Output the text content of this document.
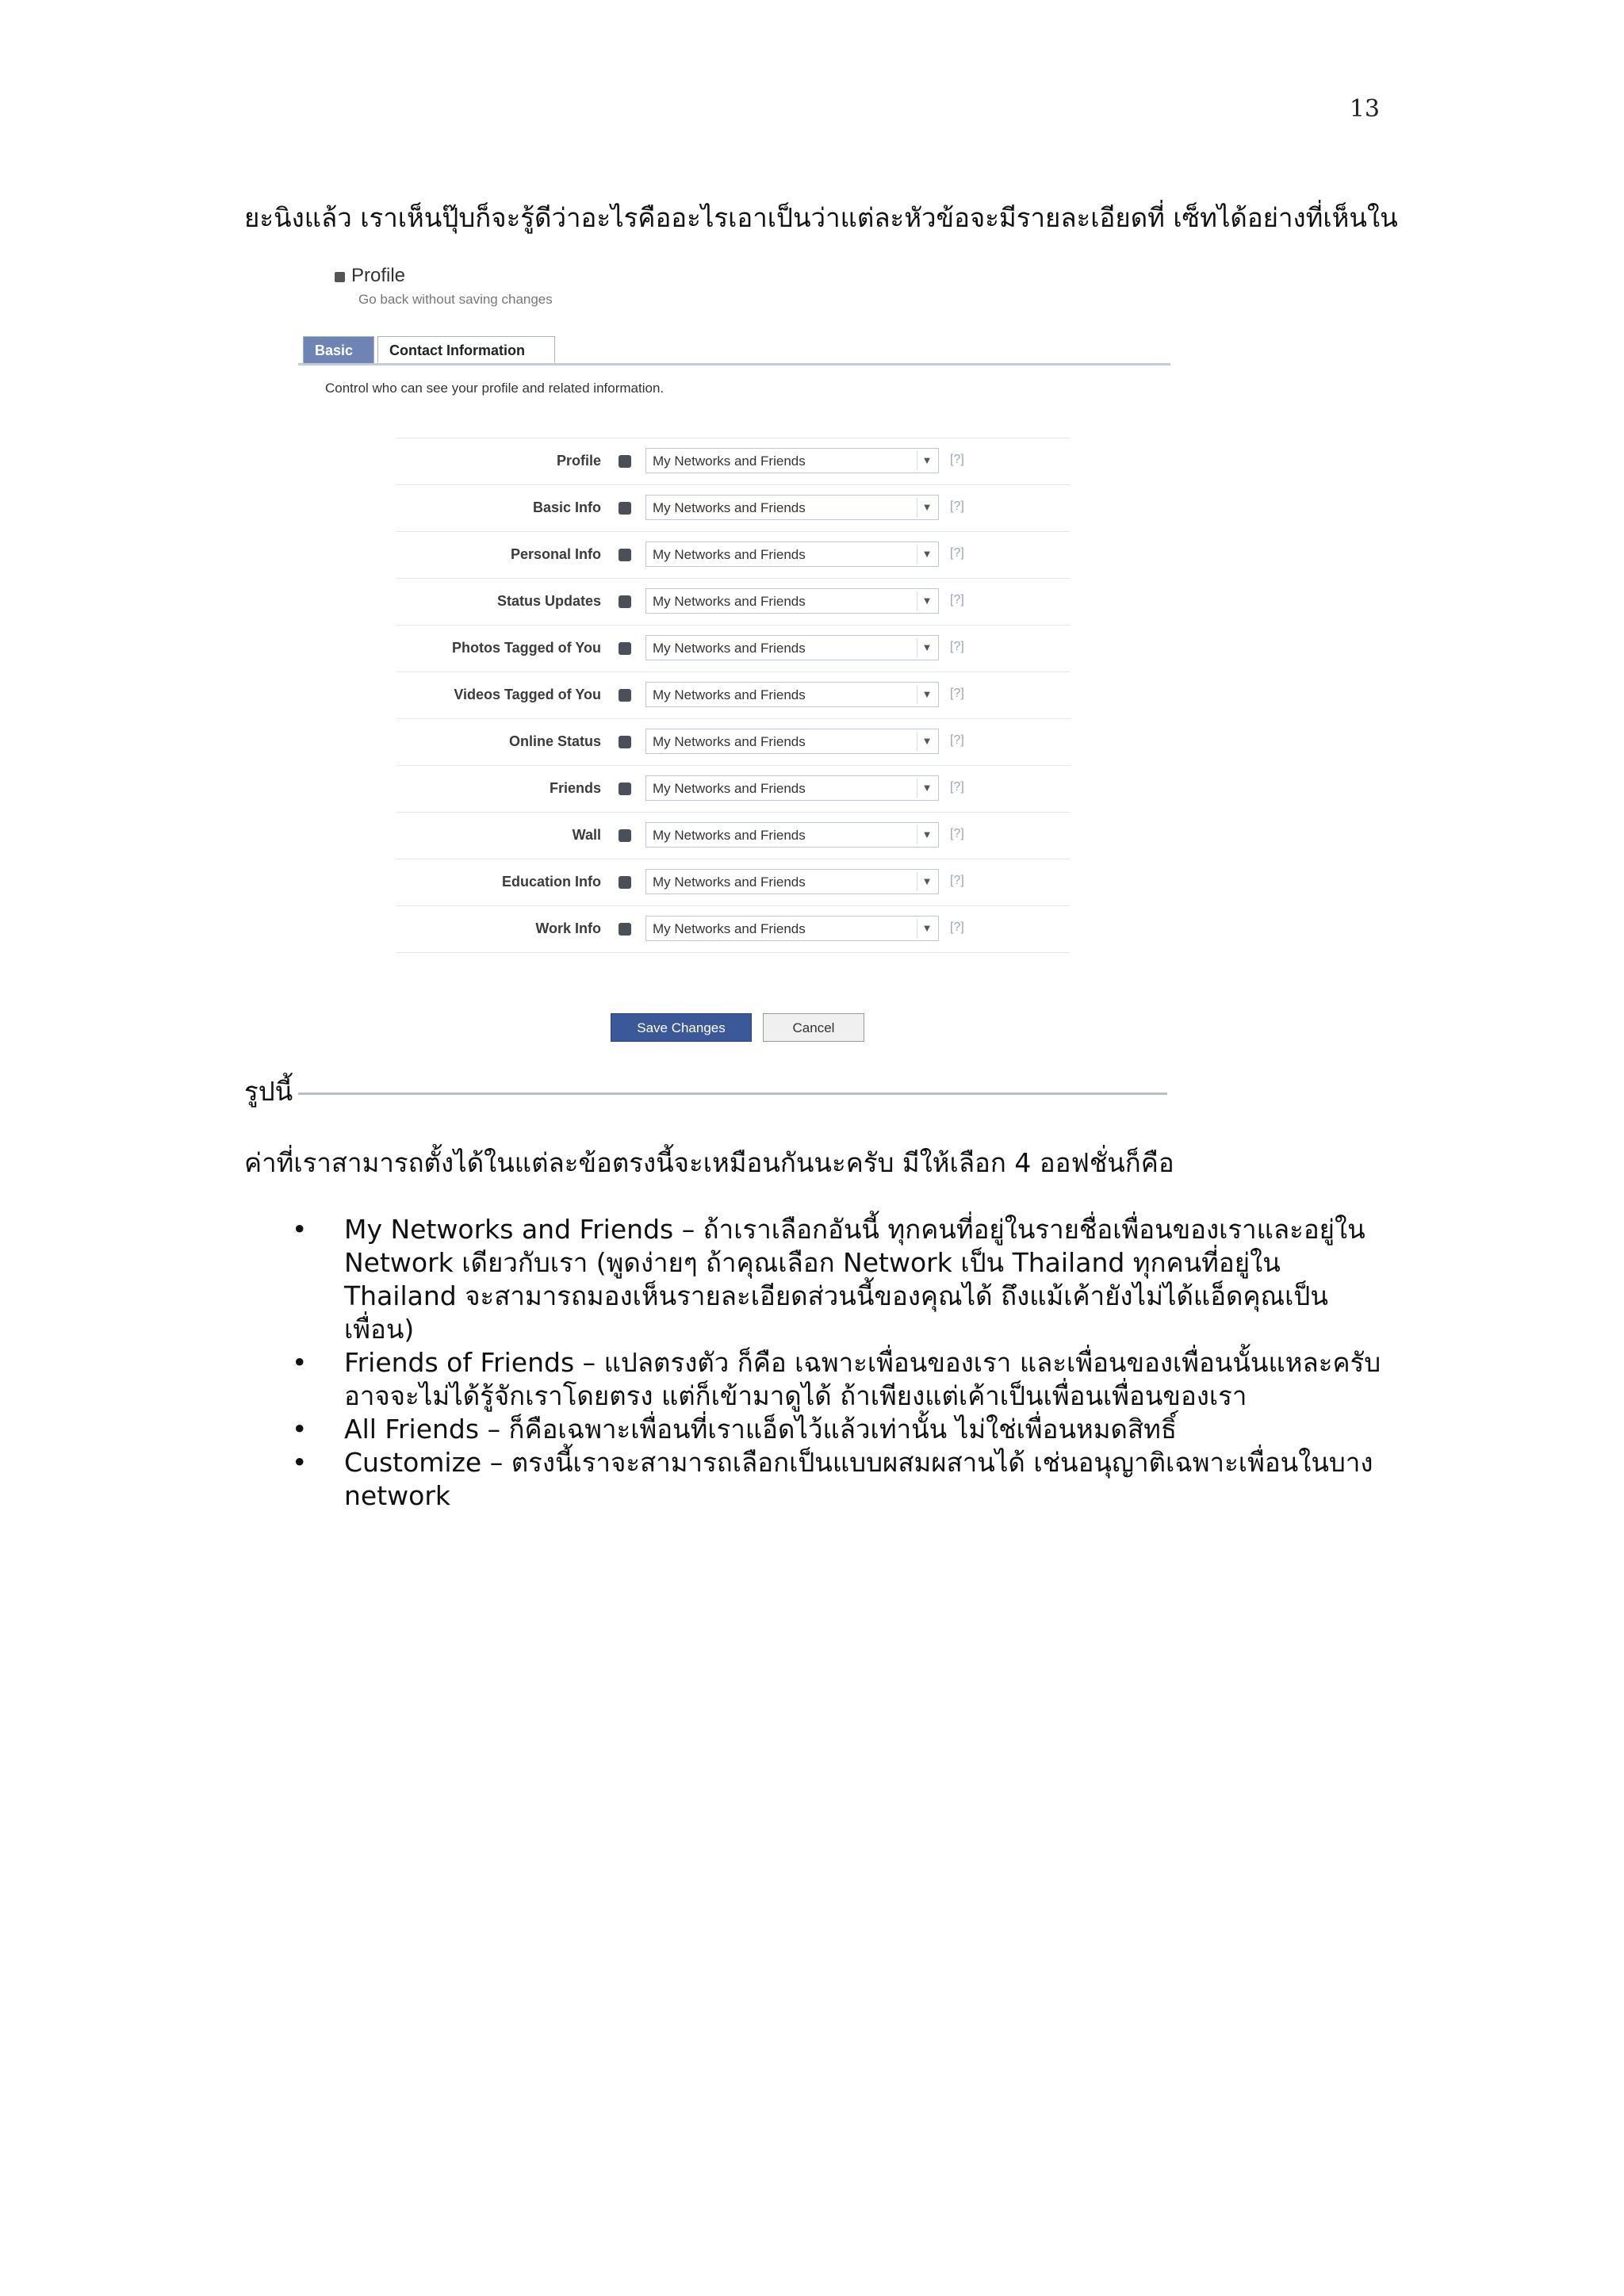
13
ยะนิงแล้ว เราเห็นปุ๊บก็จะรู้ดีว่าอะไรคืออะไรเอาเป็นว่าแต่ละหัวข้อจะมีรายละเอียดที่ เซ็ทได้อย่างที่เห็นใน
Profile
Go back without saving changes
Basic	Contact Information
Control who can see your profile and related information.
Profile	My Networks and Friends	▼	[?]
Basic Info	My Networks and Friends	▼	[?]
Personal Info	My Networks and Friends	▼	[?]
Status Updates	My Networks and Friends	▼	[?]
Photos Tagged of You	My Networks and Friends	▼	[?]
Videos Tagged of You	My Networks and Friends	▼	[?]
Online Status	My Networks and Friends	▼	[?]
Friends	My Networks and Friends	▼	[?]
Wall	My Networks and Friends	▼	[?]
Education Info	My Networks and Friends	▼	[?]
Work Info	My Networks and Friends	▼	[?]
Save Changes	Cancel
รูปนี้
ค่าที่เราสามารถตั้งได้ในแต่ละข้อตรงนี้จะเหมือนกันนะครับ มีให้เลือก 4 ออฟชั่นก็คือ
• My Networks and Friends – ถ้าเราเลือกอันนี้ ทุกคนที่อยู่ในรายชื่อเพื่อนของเราและอยู่ใน Network เดียวกับเรา (พูดง่ายๆ ถ้าคุณเลือก Network เป็น Thailand ทุกคนที่อยู่ใน Thailand จะสามารถมองเห็นรายละเอียดส่วนนี้ของคุณได้ ถึงแม้เค้ายังไม่ได้แอ็ดคุณเป็นเพื่อน)
• Friends of Friends – แปลตรงตัว ก็คือ เฉพาะเพื่อนของเรา และเพื่อนของเพื่อนนั้นแหละครับ อาจจะไม่ได้รู้จักเราโดยตรง แต่ก็เข้ามาดูได้ ถ้าเพียงแต่เค้าเป็นเพื่อนเพื่อนของเรา
• All Friends – ก็คือเฉพาะเพื่อนที่เราแอ็ดไว้แล้วเท่านั้น ไม่ใช่เพื่อนหมดสิทธิ์
• Customize – ตรงนี้เราจะสามารถเลือกเป็นแบบผสมผสานได้ เช่นอนุญาติเฉพาะเพื่อนในบาง network
